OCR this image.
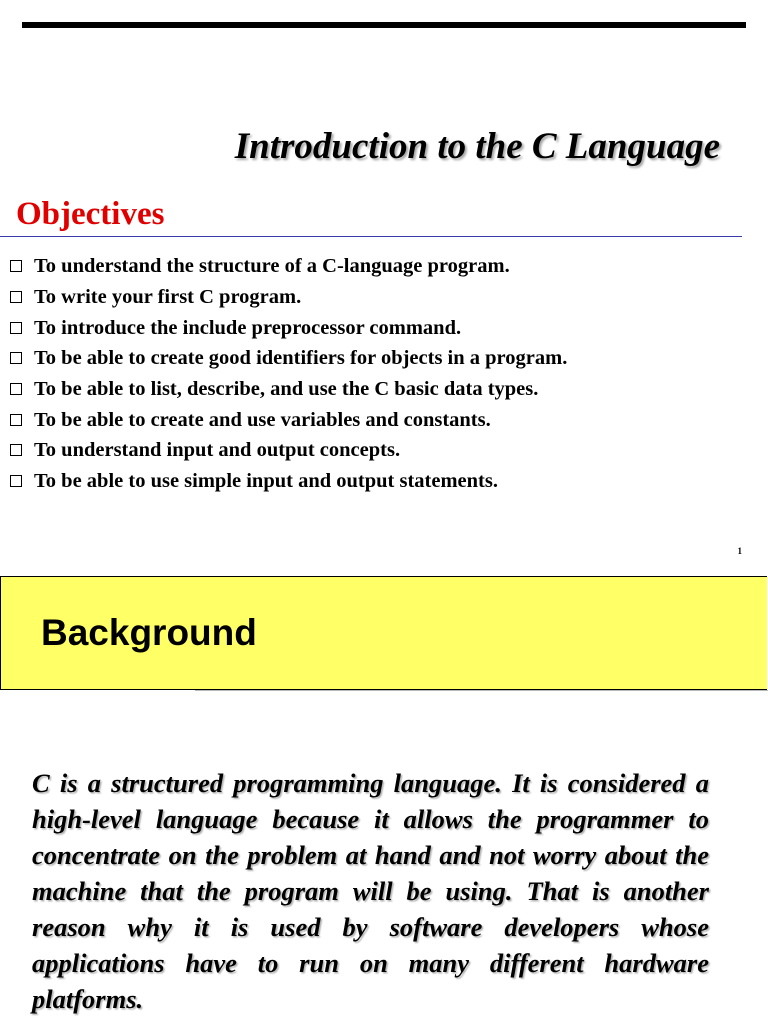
Introduction to the C Language
Objectives
To understand the structure of a C-language program.
To write your first C program.
To introduce the include preprocessor command.
To be able to create good identifiers for objects in a program.
To be able to list, describe, and use the C basic data types.
To be able to create and use variables and constants.
To understand input and output concepts.
To be able to use simple input and output statements.
1
Background

C is a structured programming language. It is considered a high-level language because it allows the programmer to concentrate on the problem at hand and not worry about the machine that the program will be using. That is another reason why it is used by software developers whose applications have to run on many different hardware platforms.
